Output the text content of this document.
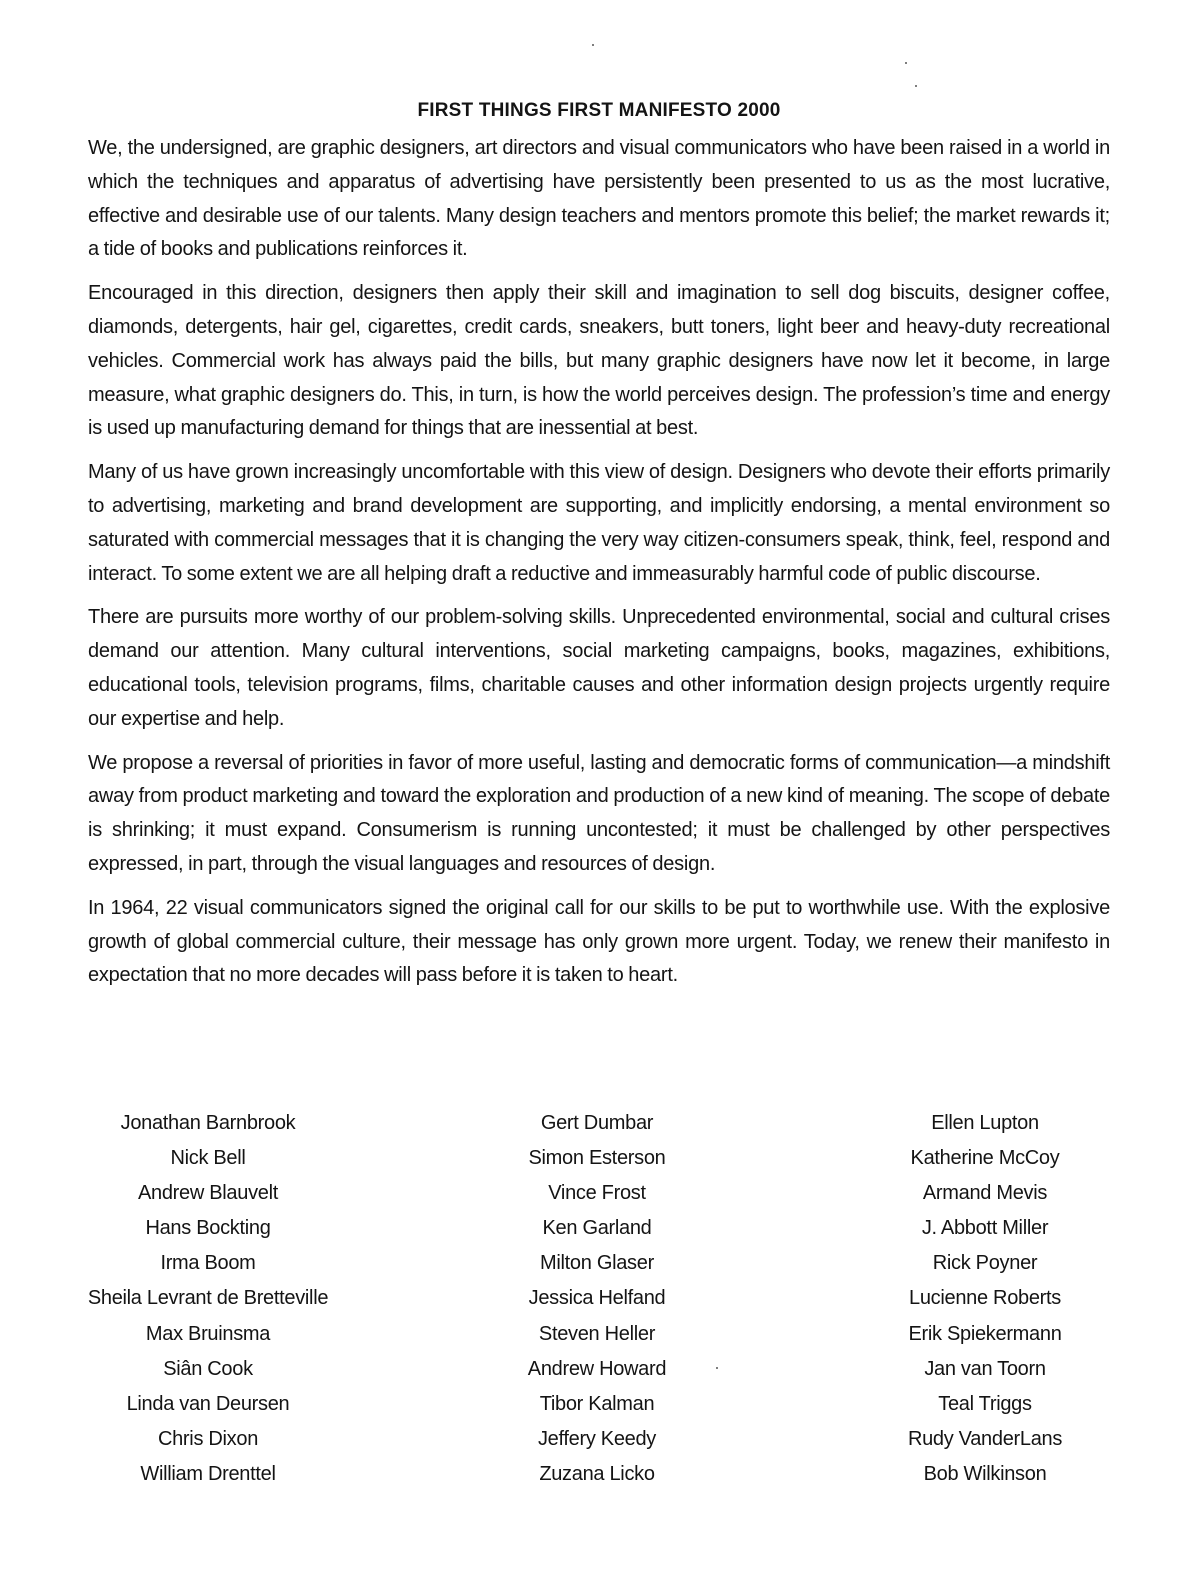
FIRST THINGS FIRST MANIFESTO 2000

We, the undersigned, are graphic designers, art directors and visual communicators who have been raised in a world in which the techniques and apparatus of advertising have persistently been presented to us as the most lucrative, effective and desirable use of our talents. Many design teachers and mentors promote this belief; the market rewards it; a tide of books and publications reinforces it.

Encouraged in this direction, designers then apply their skill and imagination to sell dog biscuits, designer coffee, diamonds, detergents, hair gel, cigarettes, credit cards, sneakers, butt toners, light beer and heavy-duty recreational vehicles. Commercial work has always paid the bills, but many graphic designers have now let it become, in large measure, what graphic designers do. This, in turn, is how the world perceives design. The profession’s time and energy is used up manufacturing demand for things that are inessential at best.

Many of us have grown increasingly uncomfortable with this view of design. Designers who devote their efforts primarily to advertising, marketing and brand development are supporting, and implicitly endorsing, a mental environment so saturated with commercial messages that it is changing the very way citizen-consumers speak, think, feel, respond and interact. To some extent we are all helping draft a reductive and immeasurably harmful code of public discourse.

There are pursuits more worthy of our problem-solving skills. Unprecedented environmental, social and cultural crises demand our attention. Many cultural interventions, social marketing campaigns, books, magazines, exhibitions, educational tools, television programs, films, charitable causes and other information design projects urgently require our expertise and help.

We propose a reversal of priorities in favor of more useful, lasting and democratic forms of communication—a mindshift away from product marketing and toward the exploration and production of a new kind of meaning. The scope of debate is shrinking; it must expand. Consumerism is running uncontested; it must be challenged by other perspectives expressed, in part, through the visual languages and resources of design.

In 1964, 22 visual communicators signed the original call for our skills to be put to worthwhile use. With the explosive growth of global commercial culture, their message has only grown more urgent. Today, we renew their manifesto in expectation that no more decades will pass before it is taken to heart.

Jonathan Barnbrook
Nick Bell
Andrew Blauvelt
Hans Bockting
Irma Boom
Sheila Levrant de Bretteville
Max Bruinsma
Siân Cook
Linda van Deursen
Chris Dixon
William Drenttel
Gert Dumbar
Simon Esterson
Vince Frost
Ken Garland
Milton Glaser
Jessica Helfand
Steven Heller
Andrew Howard
Tibor Kalman
Jeffery Keedy
Zuzana Licko
Ellen Lupton
Katherine McCoy
Armand Mevis
J. Abbott Miller
Rick Poyner
Lucienne Roberts
Erik Spiekermann
Jan van Toorn
Teal Triggs
Rudy VanderLans
Bob Wilkinson
